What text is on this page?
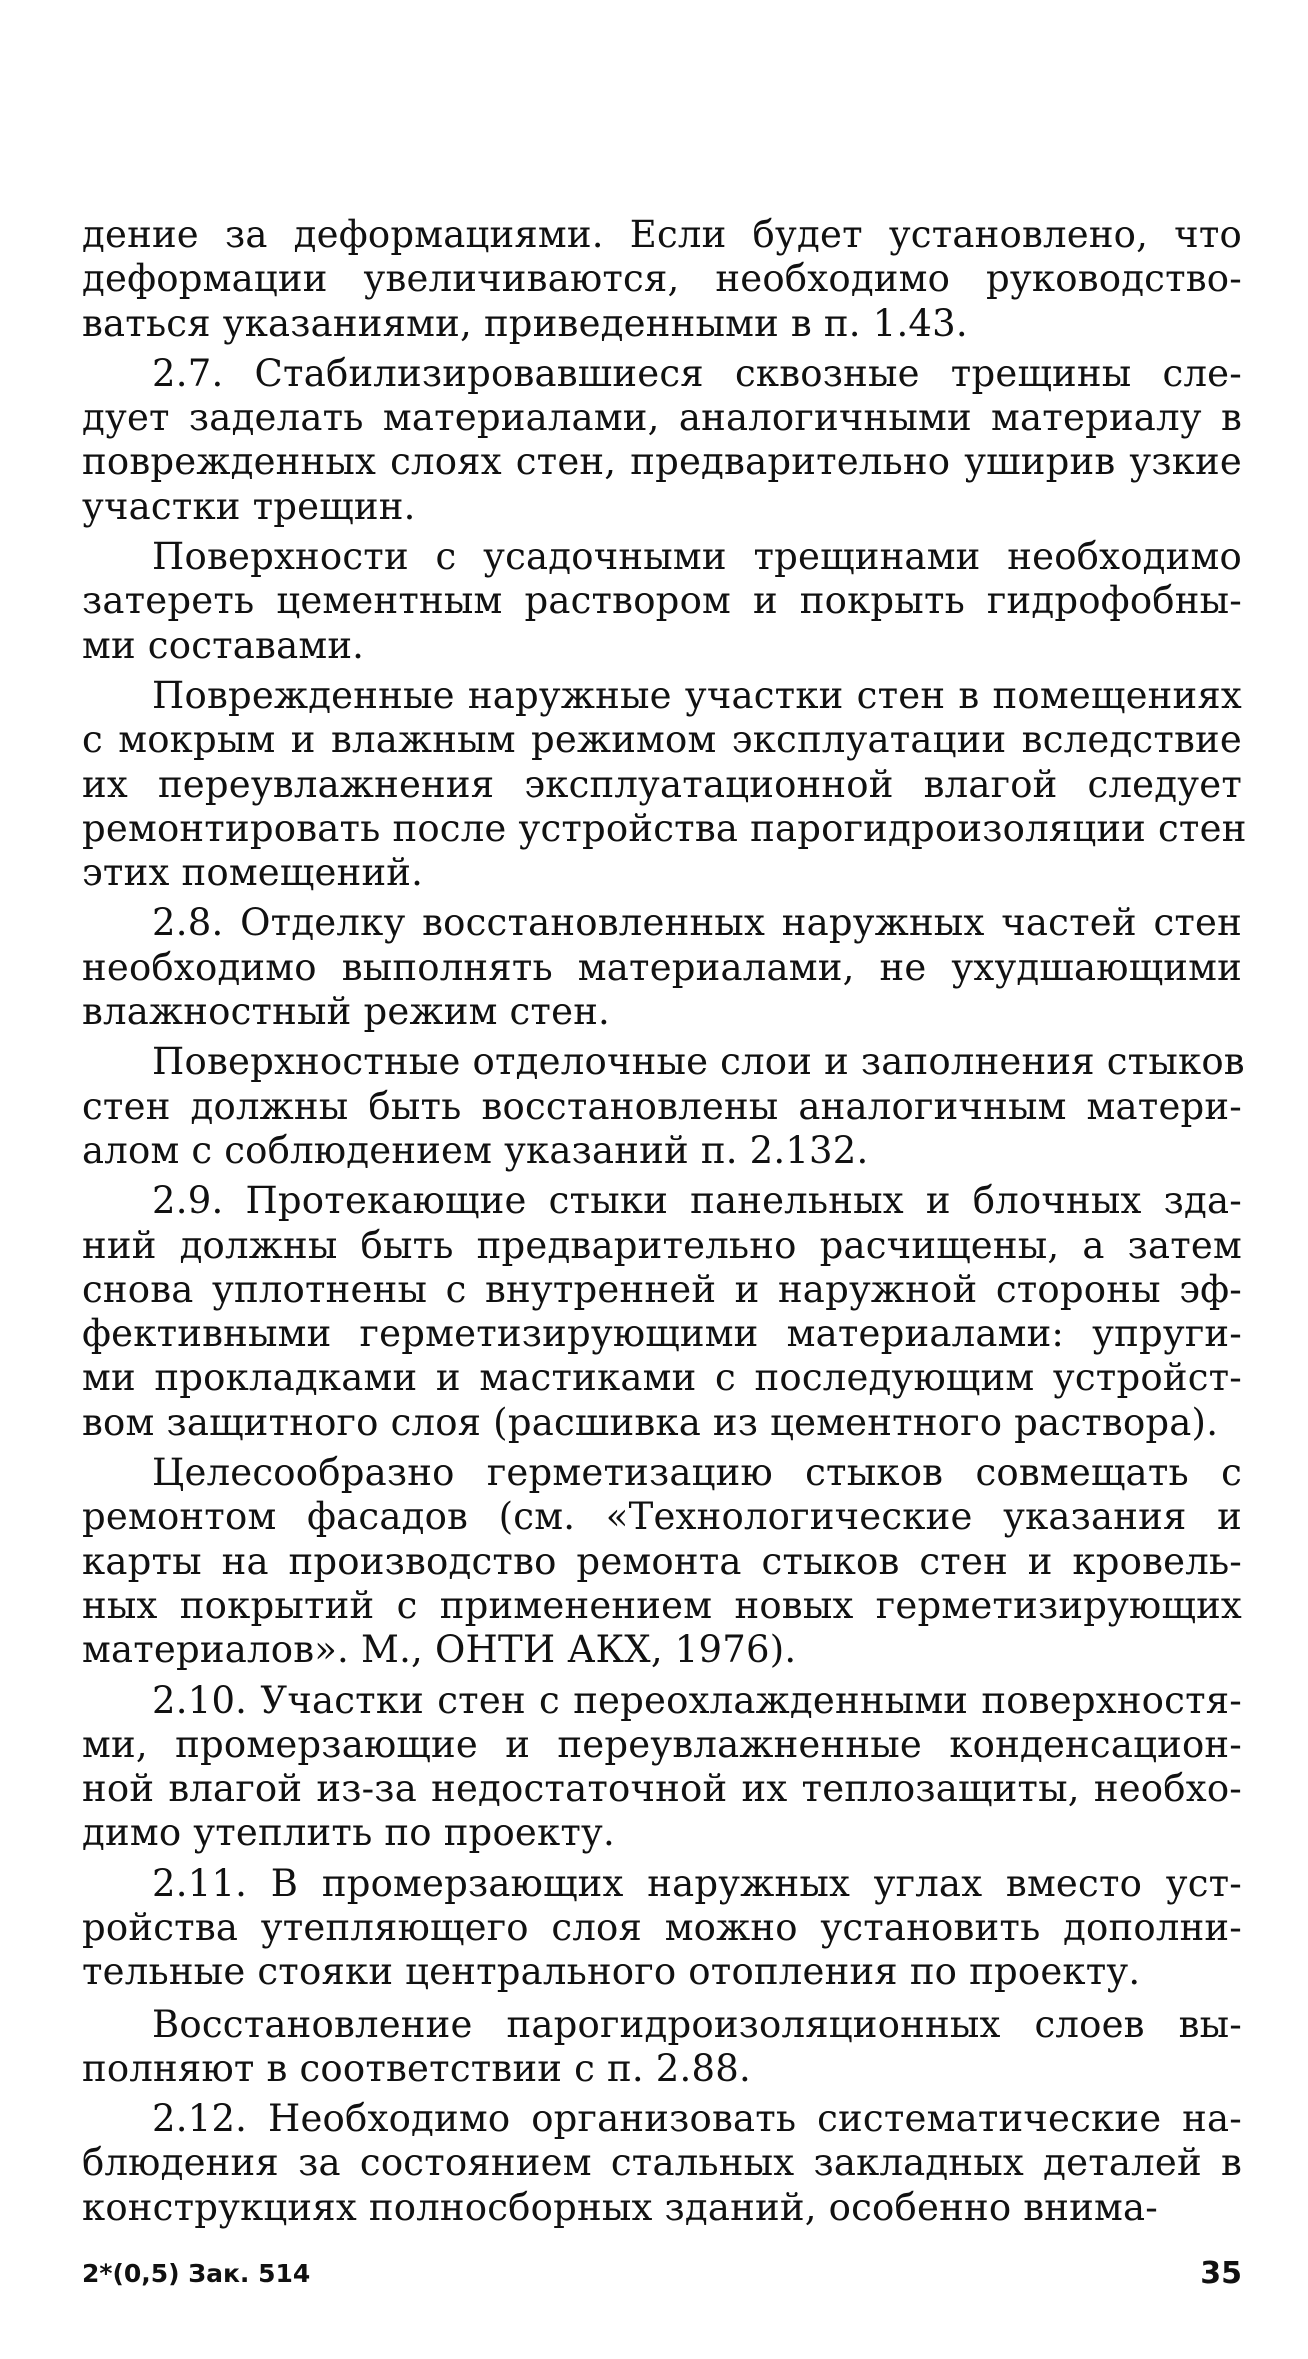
дение за деформациями. Если будет установлено, что
деформации увеличиваются, необходимо руководство-
ваться указаниями, приведенными в п. 1.43.
2.7. Стабилизировавшиеся сквозные трещины сле-
дует заделать материалами, аналогичными материалу в
поврежденных слоях стен, предварительно уширив узкие
участки трещин.
Поверхности с усадочными трещинами необходимо
затереть цементным раствором и покрыть гидрофобны-
ми составами.
Поврежденные наружные участки стен в помещениях
с мокрым и влажным режимом эксплуатации вследствие
их переувлажнения эксплуатационной влагой следует
ремонтировать после устройства парогидроизоляции стен
этих помещений.
2.8. Отделку восстановленных наружных частей стен
необходимо выполнять материалами, не ухудшающими
влажностный режим стен.
Поверхностные отделочные слои и заполнения стыков
стен должны быть восстановлены аналогичным матери-
алом с соблюдением указаний п. 2.132.
2.9. Протекающие стыки панельных и блочных зда-
ний должны быть предварительно расчищены, а затем
снова уплотнены с внутренней и наружной стороны эф-
фективными герметизирующими материалами: упруги-
ми прокладками и мастиками с последующим устройст-
вом защитного слоя (расшивка из цементного раствора).
Целесообразно герметизацию стыков совмещать с
ремонтом фасадов (см. «Технологические указания и
карты на производство ремонта стыков стен и кровель-
ных покрытий с применением новых герметизирующих
материалов». М., ОНТИ АКХ, 1976).
2.10. Участки стен с переохлажденными поверхностя-
ми, промерзающие и переувлажненные конденсацион-
ной влагой из-за недостаточной их теплозащиты, необхо-
димо утеплить по проекту.
2.11. В промерзающих наружных углах вместо уст-
ройства утепляющего слоя можно установить дополни-
тельные стояки центрального отопления по проекту.
Восстановление парогидроизоляционных слоев вы-
полняют в соответствии с п. 2.88.
2.12. Необходимо организовать систематические на-
блюдения за состоянием стальных закладных деталей в
конструкциях полносборных зданий, особенно внима-
2*(0,5) Зак. 514	35
